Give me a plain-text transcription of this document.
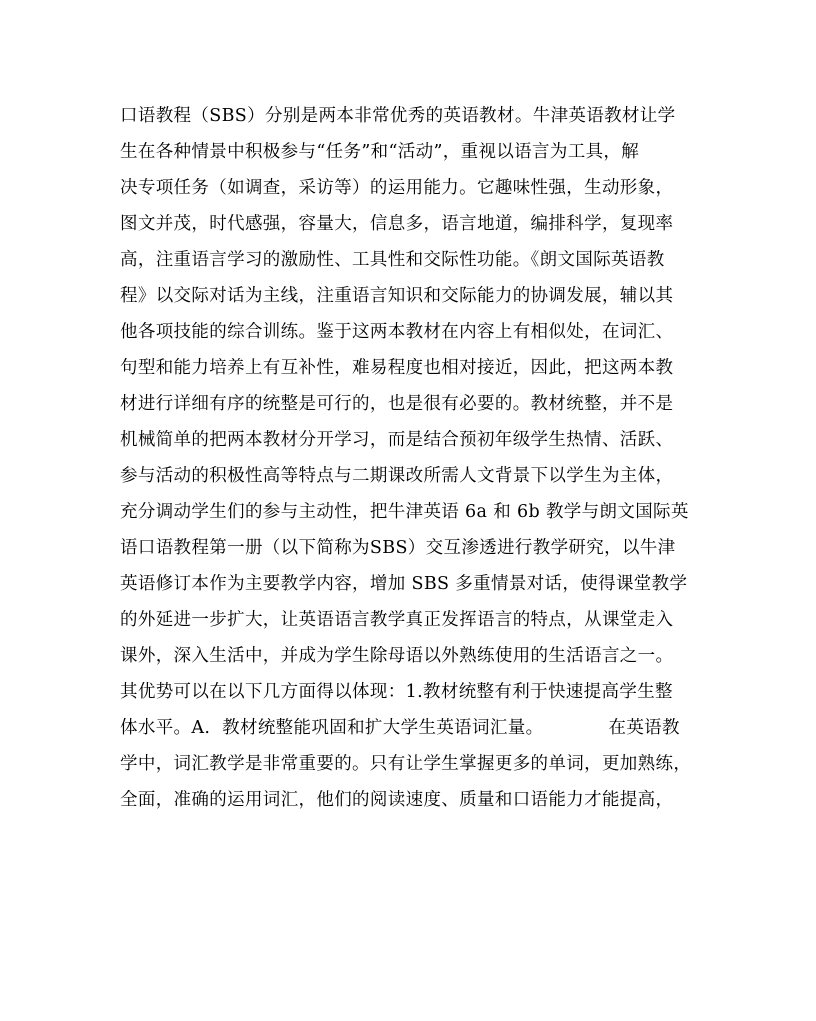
口语教程（SBS）分别是两本非常优秀的英语教材。牛津英语教材让学
生在各种情景中积极参与“任务”和“活动”，重视以语言为工具，解
决专项任务（如调查，采访等）的运用能力。它趣味性强，生动形象，
图文并茂，时代感强，容量大，信息多，语言地道，编排科学，复现率
高，注重语言学习的激励性、工具性和交际性功能。《朗文国际英语教
程》以交际对话为主线，注重语言知识和交际能力的协调发展，辅以其
他各项技能的综合训练。鉴于这两本教材在内容上有相似处，在词汇、
句型和能力培养上有互补性，难易程度也相对接近，因此，把这两本教
材进行详细有序的统整是可行的，也是很有必要的。教材统整，并不是
机械简单的把两本教材分开学习，而是结合预初年级学生热情、活跃、
参与活动的积极性高等特点与二期课改所需人文背景下以学生为主体，
充分调动学生们的参与主动性，把牛津英语 6a 和 6b 教学与朗文国际英
语口语教程第一册（以下简称为SBS）交互渗透进行教学研究，以牛津
英语修订本作为主要教学内容，增加 SBS 多重情景对话，使得课堂教学
的外延进一步扩大，让英语语言教学真正发挥语言的特点，从课堂走入
课外，深入生活中，并成为学生除母语以外熟练使用的生活语言之一。
其优势可以在以下几方面得以体现：1.教材统整有利于快速提高学生整
体水平。A.  教材统整能巩固和扩大学生英语词汇量。           在英语教
学中，词汇教学是非常重要的。只有让学生掌握更多的单词，更加熟练，
全面，准确的运用词汇，他们的阅读速度、质量和口语能力才能提高，
